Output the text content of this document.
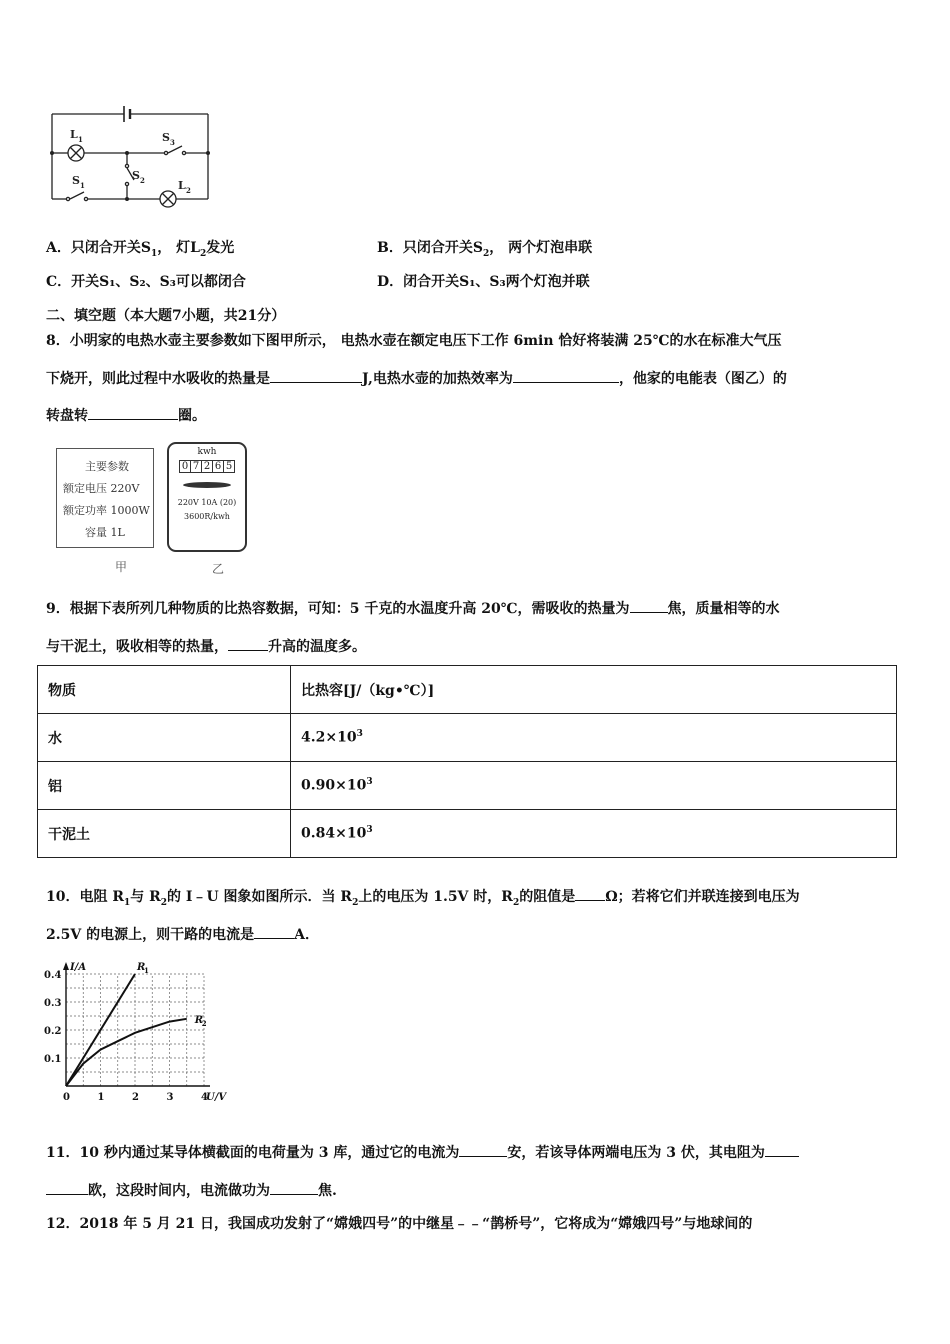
L 1	S 3
S 2
S 1	L 2
A．只闭合开关$S_1$， 灯$L_2$发光	B．只闭合开关$S_2$， 两个灯泡串联
C．开关S₁、S₂、S₃可以都闭合	D．闭合开关S₁、S₃两个灯泡并联
二、填空题（本大题7小题，共21分）
8．小明家的电热水壶主要参数如下图甲所示， 电热水壶在额定电压下工作 6min 恰好将装满 25℃的水在标准大气压
下烧开，则此过程中水吸收的热量是	J,电热水壶的加热效率为	，他家的电能表（图乙）的
转盘转	圈。
主要参数
额定电压 220V
额定功率 1000W
容量 1L
甲
kwh
0 7 2 6 5
220V 10A (20)
3600R/kwh
乙
9．根据下表所列几种物质的比热容数据，可知：5 千克的水温度升高 20℃，需吸收的热量为	焦，质量相等的水
与干泥土，吸收相等的热量，	升高的温度多。
物质	比热容[J/（kg•℃）]
水	$4.2\times 10^3$
铝	$0.90\times 10^3$
干泥土	$0.84\times 10^3$
10．电阻 $R_1$与 $R_2$的 I﹣U 图象如图所示．当 $R_2$上的电压为 1.5V 时，$R_2$的阻值是 Ω；若将它们并联连接到电压为
2.5V 的电源上，则干路的电流是	A．
0	1	2	3	4
0.1
0.2
0.3
0.4
U/V
I/A	R
1
R
2
11．10 秒内通过某导体横截面的电荷量为 3 库，通过它的电流为	安，若该导体两端电压为 3 伏，其电阻为
欧，这段时间内，电流做功为	焦.
12．2018 年 5 月 21 日，我国成功发射了“嫦娥四号”的中继星﹣﹣“鹊桥号”，它将成为“嫦娥四号”与地球间的
